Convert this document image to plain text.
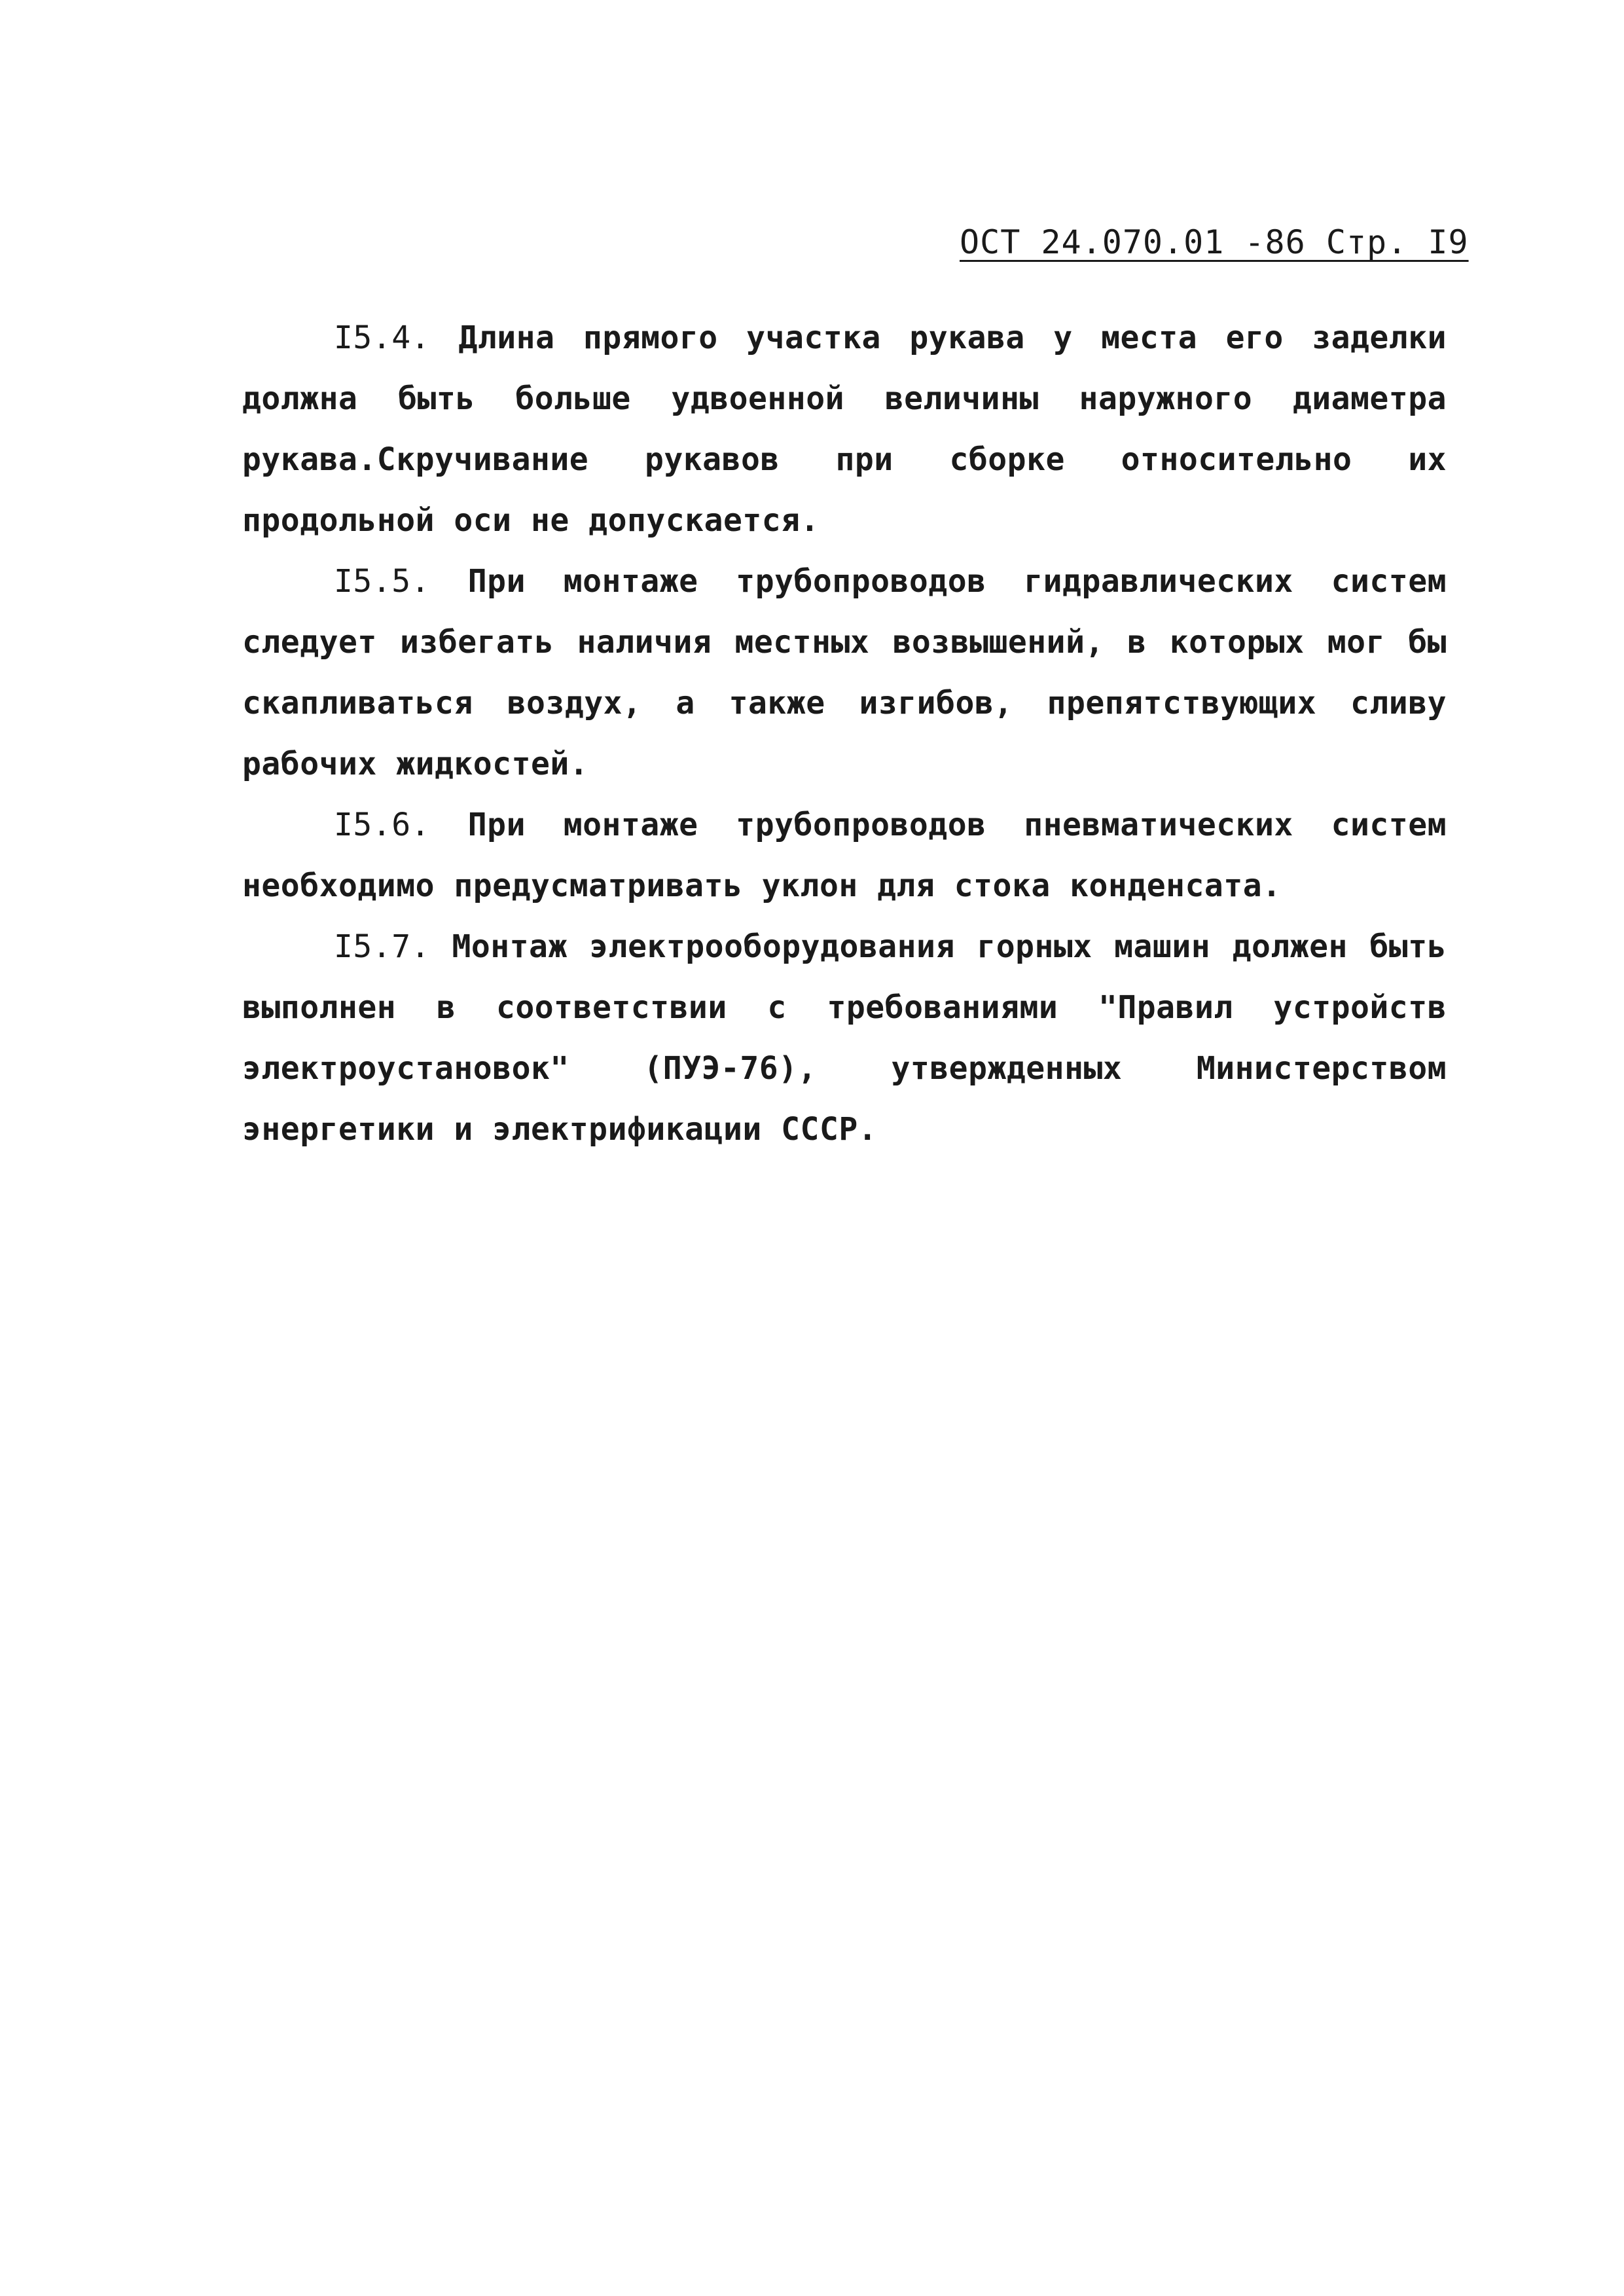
ОСТ 24.070.01 -86 Стр. I9

I5.4. Длина прямого участка рукава у места его заделки должна быть больше удвоенной величины наружного диаметра рукава.Скручивание рукавов при сборке относительно их продольной оси не допускается.

I5.5. При монтаже трубопроводов гидравлических систем следует избегать наличия местных возвышений, в которых мог бы скапливаться воздух, а также изгибов, препятствующих сливу рабочих жидкостей.

I5.6. При монтаже трубопроводов пневматических систем необходимо предусматривать уклон для стока конденсата.

I5.7. Монтаж электрооборудования горных машин должен быть выполнен в соответствии с требованиями "Правил устройств электроустановок" (ПУЭ-76), утвержденных Министерством энергетики и электрификации СССР.
